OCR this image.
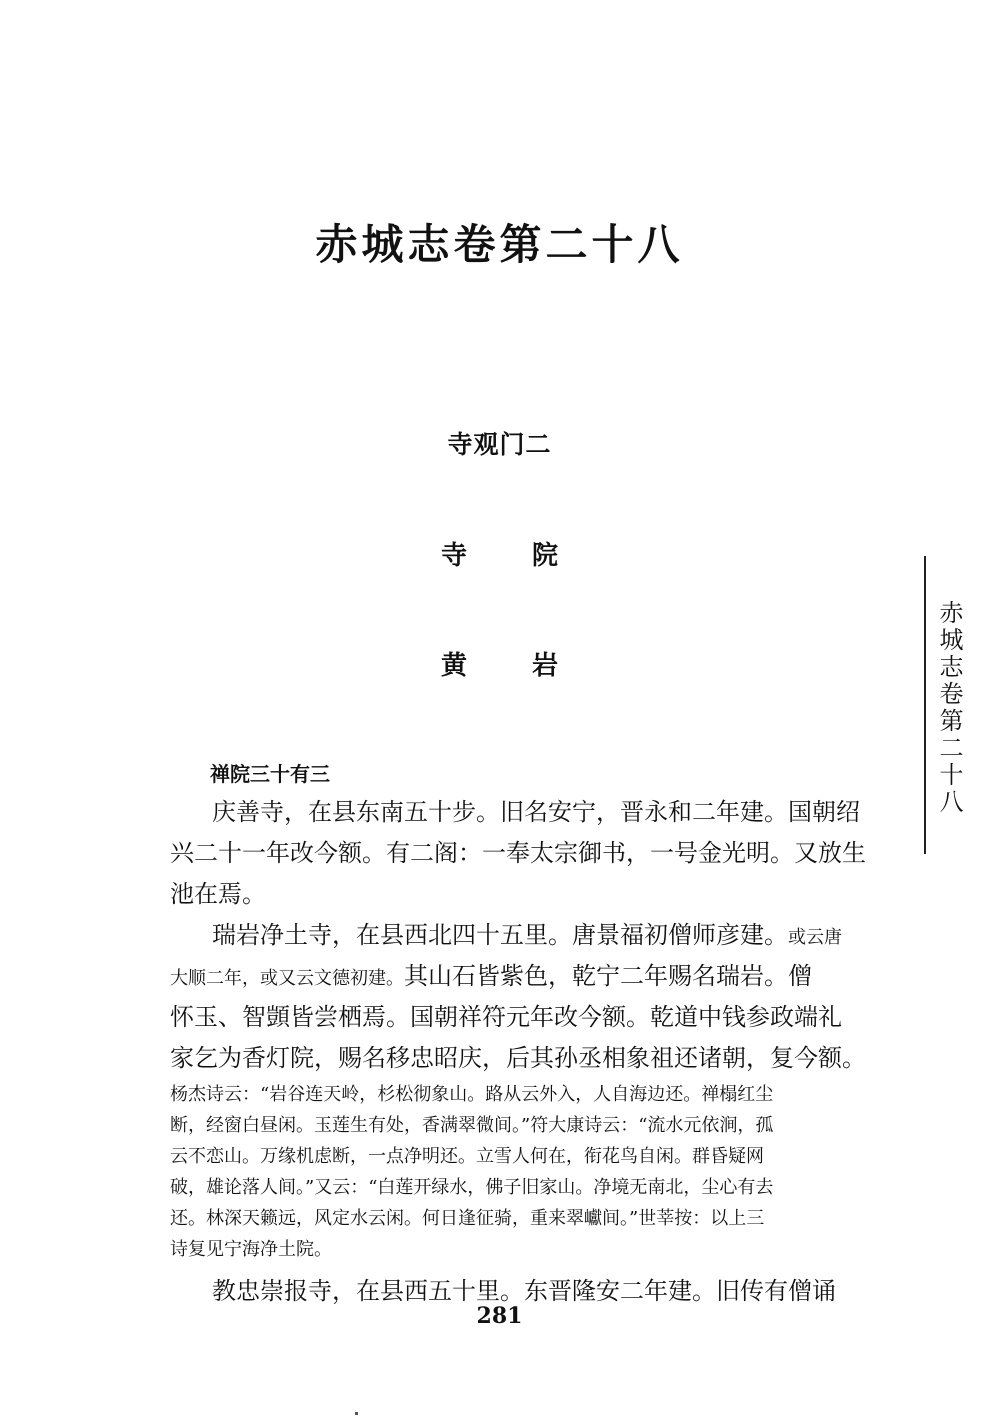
赤城志卷第二十八
寺观门二
寺 院
黄 岩	赤城志卷第二十八
禅院三十有三
庆善寺，在县东南五十步。旧名安宁，晋永和二年建。国朝绍
兴二十一年改今额。有二阁：一奉太宗御书，一号金光明。又放生
池在焉。
瑞岩净土寺，在县西北四十五里。唐景福初僧师彦建。或云唐
大顺二年，或又云文德初建。其山石皆紫色，乾宁二年赐名瑞岩。僧
怀玉、智顗皆尝栖焉。国朝祥符元年改今额。乾道中钱参政端礼
家乞为香灯院，赐名移忠昭庆，后其孙丞相象祖还诸朝，复今额。
杨杰诗云：“岩谷连天岭，杉松彻象山。路从云外入，人自海边还。禅榻红尘
断，经窗白昼闲。玉莲生有处，香满翠微间。”符大康诗云：“流水元依涧，孤
云不恋山。万缘机虑断，一点净明还。立雪人何在，衔花鸟自闲。群昏疑网
破，雄论落人间。”又云：“白莲开绿水，佛子旧家山。净境无南北，尘心有去
还。林深天籁远，风定水云闲。何日逢征骑，重来翠巘间。”世莘按：以上三
诗复见宁海净土院。
教忠崇报寺，在县西五十里。东晋隆安二年建。旧传有僧诵
281
